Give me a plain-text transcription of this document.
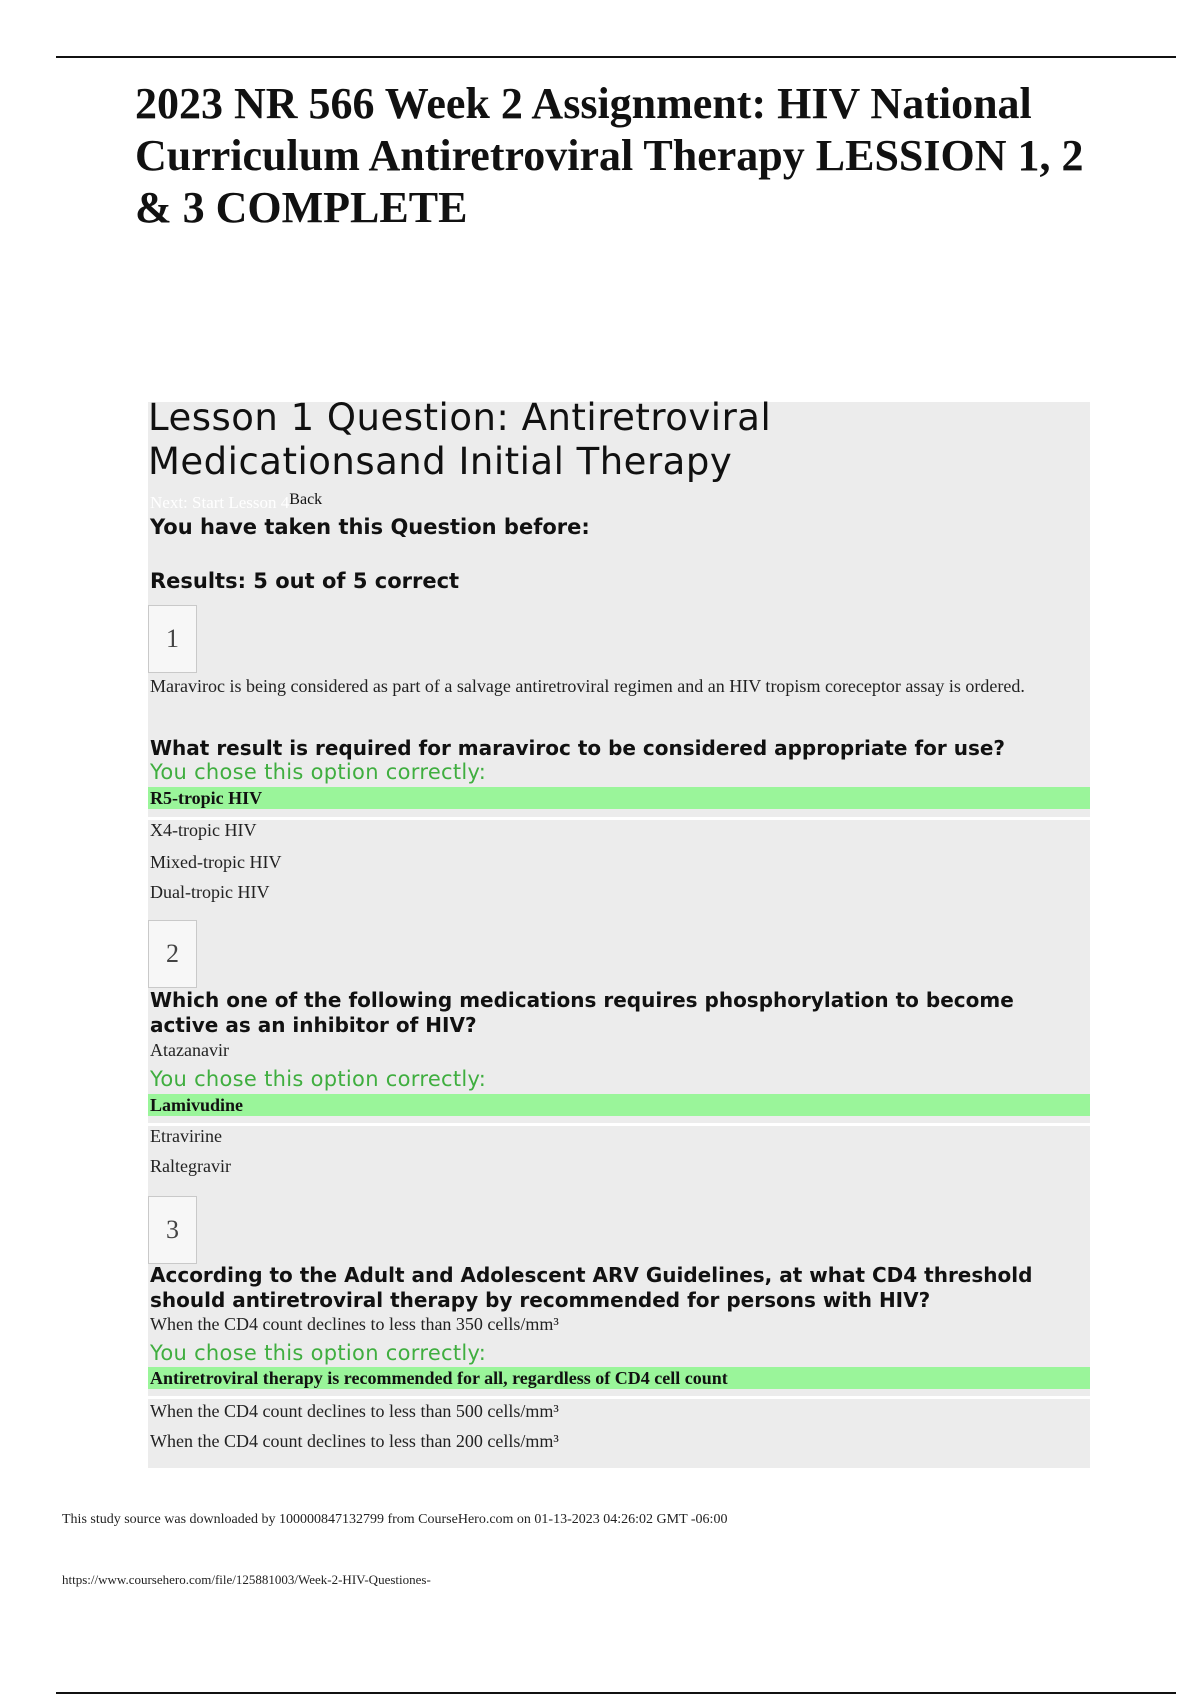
2023 NR 566 Week 2 Assignment: HIV National Curriculum Antiretroviral Therapy LESSION 1, 2 & 3 COMPLETE
Lesson 1 Question: Antiretroviral Medicationsand Initial Therapy
Next: Start Lesson 4Back
You have taken this Question before:
Results: 5 out of 5 correct
1
Maraviroc is being considered as part of a salvage antiretroviral regimen and an HIV tropism coreceptor assay is ordered.
What result is required for maraviroc to be considered appropriate for use?
You chose this option correctly:
R5-tropic HIV
X4-tropic HIV
Mixed-tropic HIV
Dual-tropic HIV
2
Which one of the following medications requires phosphorylation to become active as an inhibitor of HIV?
Atazanavir
You chose this option correctly:
Lamivudine
Etravirine
Raltegravir
3
According to the Adult and Adolescent ARV Guidelines, at what CD4 threshold should antiretroviral therapy by recommended for persons with HIV?
When the CD4 count declines to less than 350 cells/mm³
You chose this option correctly:
Antiretroviral therapy is recommended for all, regardless of CD4 cell count
When the CD4 count declines to less than 500 cells/mm³
When the CD4 count declines to less than 200 cells/mm³
This study source was downloaded by 100000847132799 from CourseHero.com on 01-13-2023 04:26:02 GMT -06:00
https://www.coursehero.com/file/125881003/Week-2-HIV-Questiones-
